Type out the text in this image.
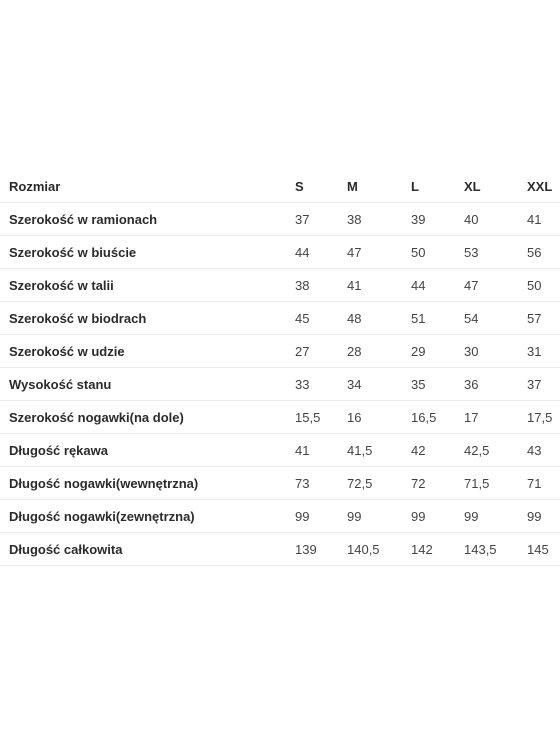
Rozmiar	S	M	L	XL	XXL
Szerokość w ramionach	37	38	39	40	41
Szerokość w biuście	44	47	50	53	56
Szerokość w talii	38	41	44	47	50
Szerokość w biodrach	45	48	51	54	57
Szerokość w udzie	27	28	29	30	31
Wysokość stanu	33	34	35	36	37
Szerokość nogawki(na dole)	15,5	16	16,5	17	17,5
Długość rękawa	41	41,5	42	42,5	43
Długość nogawki(wewnętrzna)	73	72,5	72	71,5	71
Długość nogawki(zewnętrzna)	99	99	99	99	99
Długość całkowita	139	140,5	142	143,5	145
